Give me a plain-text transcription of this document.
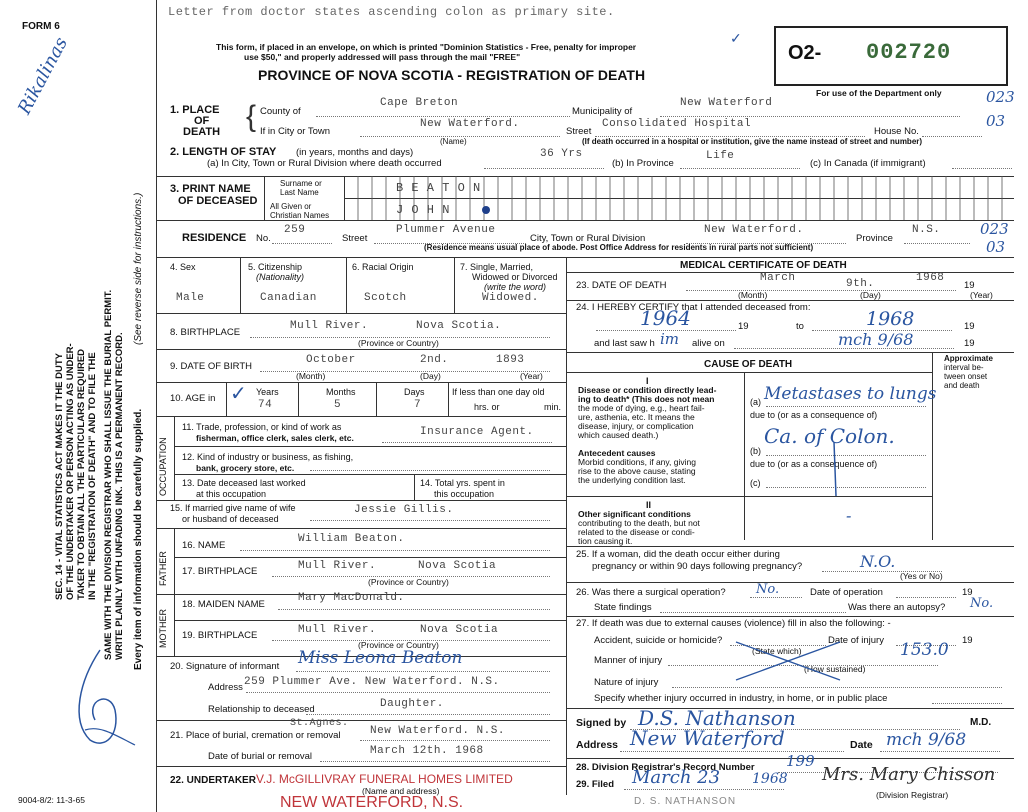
FORM 6
Rikalinas
SEC. 14 - VITAL STATISTICS ACT MAKES IT THE DUTY OF THE UNDERTAKER OR PERSON ACTING AS UNDER- TAKER TO OBTAIN ALL THE PARTICULARS REQUIRED IN THE "REGISTRATION OF DEATH" AND TO FILE THE SAME WITH THE DIVISION REGISTRAR WHO SHALL ISSUE THE BURIAL PERMIT. WRITE PLAINLY WITH UNFADING INK. THIS IS A PERMANENT RECORD. Every item of information should be carefully supplied.
(See reverse side for instructions.)
9004-8/2: 11-3-65
Letter from doctor states ascending colon as primary site.
This form, if placed in an envelope, on which is printed "Dominion Statistics - Free, penalty for improper
use $50," and properly addressed will pass through the mail "FREE"
PROVINCE OF NOVA SCOTIA - REGISTRATION OF DEATH
✓
O2- 002720
For use of the Department only
1. PLACE
OF
DEATH { County of
Cape Breton
Municipality of
New Waterford	023
If in City or Town
New Waterford.
Street
Consolidated Hospital
House No.
03
(Name)	(If death occurred in a hospital or institution, give the name instead of street and number)
2. LENGTH OF STAY (in years, months and days)
(a) In City, Town or Rural Division where death occurred
36 Yrs
(b) In Province
Life
(c) In Canada (if immigrant)
3. PRINT NAME
OF DECEASED
Surname or
Last Name
All Given or
Christian Names
B E A T O N
J O H N
RESIDENCE No.
259
Street
Plummer Avenue
City, Town or Rural Division
New Waterford.
Province
N.S.	023
03
(Residence means usual place of abode. Post Office Address for residents in rural parts not sufficient)
4. Sex
Male
5. Citizenship
(Nationality)
Canadian
6. Racial Origin
Scotch
7. Single, Married,
Widowed or Divorced
(write the word)
Widowed.
8. BIRTHPLACE
Mull River.	Nova Scotia.
(Province or Country)
9. DATE OF BIRTH
October	2nd.	1893
(Month)	(Day)	(Year)
10. AGE in ✓ Years	Months	Days
74	5	7
If less than one day old
hrs. or	min.
OCCUPATION
11. Trade, profession, or kind of work as
fisherman, office clerk, sales clerk, etc.	Insurance Agent.
12. Kind of industry or business, as fishing,
bank, grocery store, etc.
13. Date deceased last worked
at this occupation
14. Total yrs. spent in
this occupation
15. If married give name of wife
or husband of deceased
Jessie Gillis.
FATHER
16. NAME
William Beaton.
17. BIRTHPLACE	Mull River.	Nova Scotia
(Province or Country)
MOTHER
18. MAIDEN NAME
Mary MacDonald.
19. BIRTHPLACE	Mull River.	Nova Scotia
(Province or Country)
20. Signature of informant Miss Leona Beaton
Address 259 Plummer Ave. New Waterford. N.S.
Relationship to deceased	Daughter.
21. Place of burial, cremation or removal
St.Agnes.
New Waterford. N.S.
Date of burial or removal	March 12th. 1968
22. UNDERTAKER V.J. McGILLIVRAY FUNERAL HOMES LIMITED
(Name and address)
NEW WATERFORD, N.S.
MEDICAL CERTIFICATE OF DEATH
23. DATE OF DEATH
March	9th.	1968
19
(Month)	(Day)	(Year)
24. I HEREBY CERTIFY that I attended deceased from:
1964	19	to	1968	19
and last saw h im alive on	mch 9/68	19
CAUSE OF DEATH
Approximate
interval be-
tween onset
and death
I
Disease or condition directly lead-
ing to death* (This does not mean
the mode of dying, e.g., heart fail-
ure, asthenia, etc. It means the
disease, injury, or complication
which caused death.)
(a) Metastases to lungs
due to (or as a consequence of)
Antecedent causes
Morbid conditions, if any, giving
rise to the above cause, stating
the underlying condition last.
(b)
Ca. of Colon.
due to (or as a consequence of)
(c)
II
Other significant conditions
contributing to the death, but not
related to the disease or condi-
tion causing it.
-
25. If a woman, did the death occur either during
pregnancy or within 90 days following pregnancy?	N.O.
(Yes or No)
26. Was there a surgical operation? No.	Date of operation	19
State findings	Was there an autopsy? No.
27. If death was due to external causes (violence) fill in also the following: -
Accident, suicide or homicide?	Date of injury	19
(State which)
Manner of injury
153.0
(How sustained)
Nature of injury
Specify whether injury occurred in industry, in home, or in public place
Signed by D.S. Nathanson	M.D.
Address New Waterford	Date mch 9/68
28. Division Registrar's Record Number 199
29. Filed March 23 1968 Mrs. Mary Chisson
(Division Registrar)
D. S. NATHANSON
